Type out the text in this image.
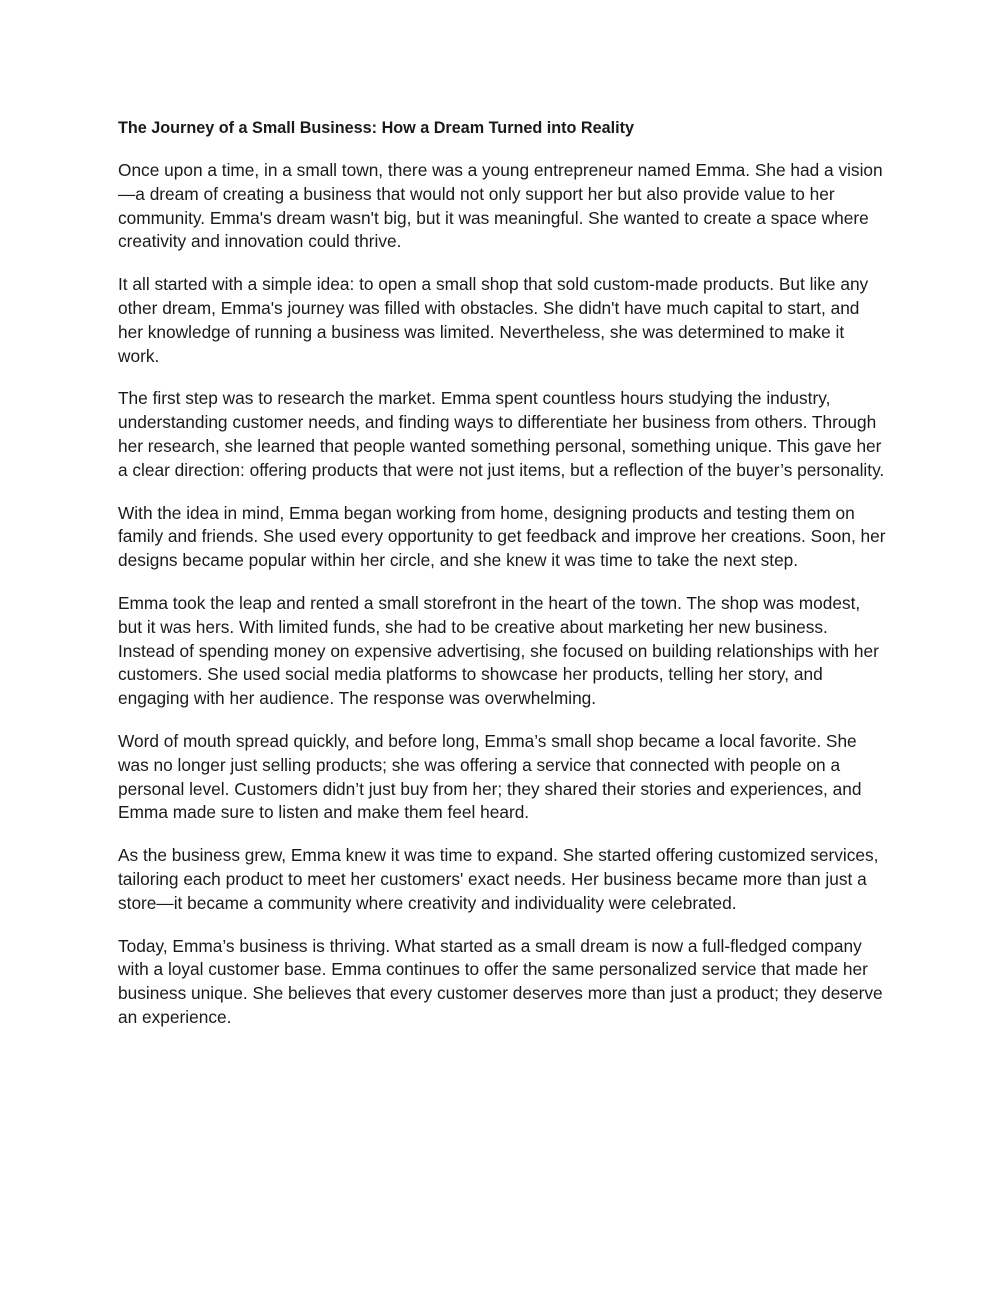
The Journey of a Small Business: How a Dream Turned into Reality

Once upon a time, in a small town, there was a young entrepreneur named Emma. She had a vision—a dream of creating a business that would not only support her but also provide value to her community. Emma's dream wasn't big, but it was meaningful. She wanted to create a space where creativity and innovation could thrive.

It all started with a simple idea: to open a small shop that sold custom-made products. But like any other dream, Emma's journey was filled with obstacles. She didn't have much capital to start, and her knowledge of running a business was limited. Nevertheless, she was determined to make it work.

The first step was to research the market. Emma spent countless hours studying the industry, understanding customer needs, and finding ways to differentiate her business from others. Through her research, she learned that people wanted something personal, something unique. This gave her a clear direction: offering products that were not just items, but a reflection of the buyer’s personality.

With the idea in mind, Emma began working from home, designing products and testing them on family and friends. She used every opportunity to get feedback and improve her creations. Soon, her designs became popular within her circle, and she knew it was time to take the next step.

Emma took the leap and rented a small storefront in the heart of the town. The shop was modest, but it was hers. With limited funds, she had to be creative about marketing her new business. Instead of spending money on expensive advertising, she focused on building relationships with her customers. She used social media platforms to showcase her products, telling her story, and engaging with her audience. The response was overwhelming.

Word of mouth spread quickly, and before long, Emma’s small shop became a local favorite. She was no longer just selling products; she was offering a service that connected with people on a personal level. Customers didn’t just buy from her; they shared their stories and experiences, and Emma made sure to listen and make them feel heard.

As the business grew, Emma knew it was time to expand. She started offering customized services, tailoring each product to meet her customers' exact needs. Her business became more than just a store—it became a community where creativity and individuality were celebrated.

Today, Emma’s business is thriving. What started as a small dream is now a full-fledged company with a loyal customer base. Emma continues to offer the same personalized service that made her business unique. She believes that every customer deserves more than just a product; they deserve an experience.
